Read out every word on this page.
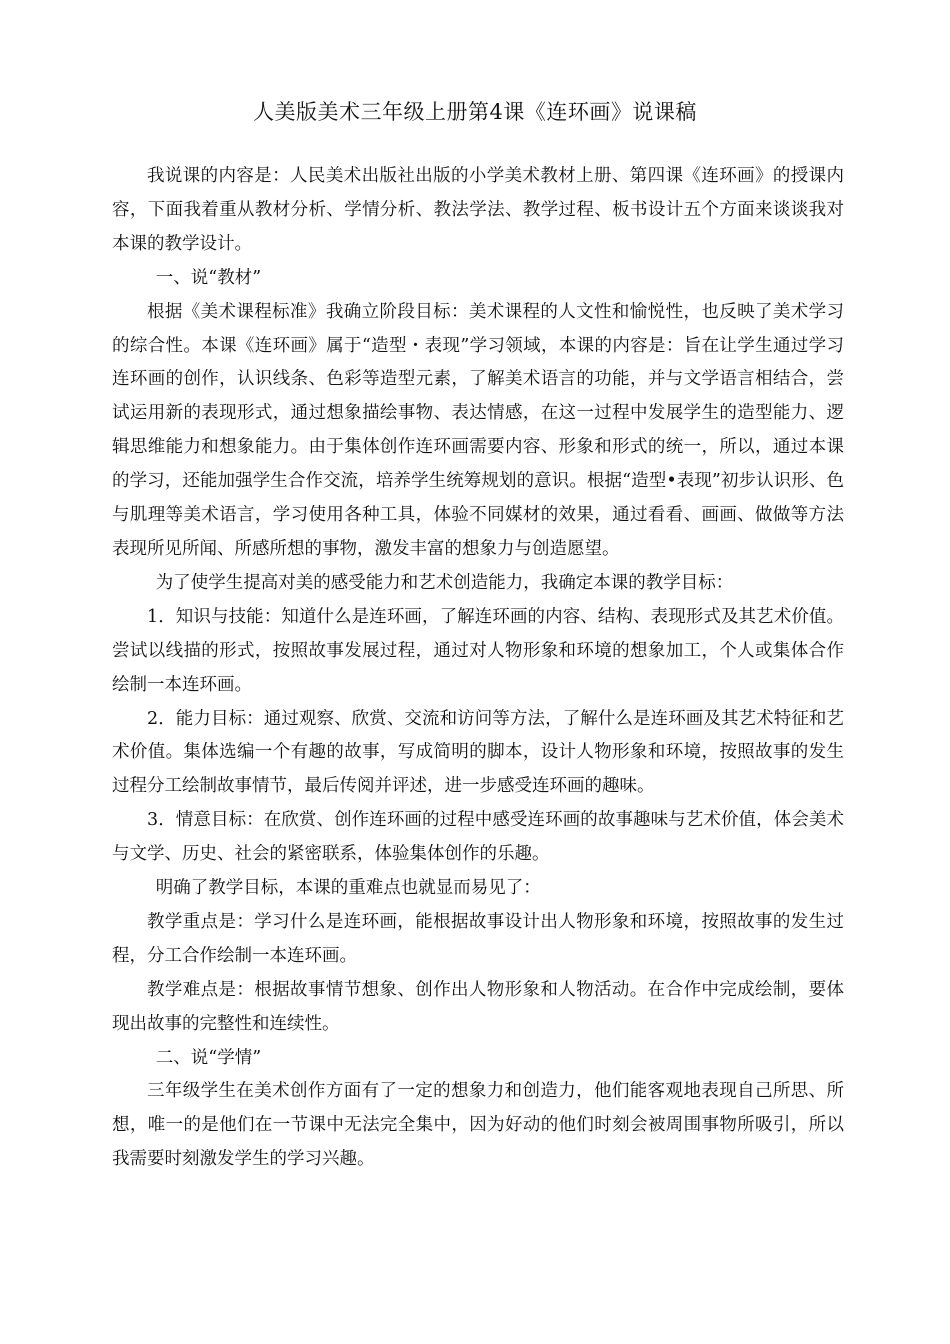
人美版美术三年级上册第4课《连环画》说课稿

我说课的内容是：人民美术出版社出版的小学美术教材上册、第四课《连环画》的授课内容，下面我着重从教材分析、学情分析、教法学法、教学过程、板书设计五个方面来谈谈我对本课的教学设计。

一、说“教材”

根据《美术课程标准》我确立阶段目标：美术课程的人文性和愉悦性，也反映了美术学习的综合性。本课《连环画》属于“造型・表现”学习领域，本课的内容是：旨在让学生通过学习连环画的创作，认识线条、色彩等造型元素，了解美术语言的功能，并与文学语言相结合，尝试运用新的表现形式，通过想象描绘事物、表达情感，在这一过程中发展学生的造型能力、逻辑思维能力和想象能力。由于集体创作连环画需要内容、形象和形式的统一，所以，通过本课的学习，还能加强学生合作交流，培养学生统筹规划的意识。根据“造型•表现”初步认识形、色与肌理等美术语言，学习使用各种工具，体验不同媒材的效果，通过看看、画画、做做等方法表现所见所闻、所感所想的事物，激发丰富的想象力与创造愿望。

为了使学生提高对美的感受能力和艺术创造能力，我确定本课的教学目标：

1．知识与技能：知道什么是连环画，了解连环画的内容、结构、表现形式及其艺术价值。尝试以线描的形式，按照故事发展过程，通过对人物形象和环境的想象加工，个人或集体合作绘制一本连环画。

2．能力目标：通过观察、欣赏、交流和访问等方法，了解什么是连环画及其艺术特征和艺术价值。集体选编一个有趣的故事，写成简明的脚本，设计人物形象和环境，按照故事的发生过程分工绘制故事情节，最后传阅并评述，进一步感受连环画的趣味。

3．情意目标：在欣赏、创作连环画的过程中感受连环画的故事趣味与艺术价值，体会美术与文学、历史、社会的紧密联系，体验集体创作的乐趣。

明确了教学目标，本课的重难点也就显而易见了：

教学重点是：学习什么是连环画，能根据故事设计出人物形象和环境，按照故事的发生过程，分工合作绘制一本连环画。

教学难点是：根据故事情节想象、创作出人物形象和人物活动。在合作中完成绘制，要体现出故事的完整性和连续性。

二、说“学情”

三年级学生在美术创作方面有了一定的想象力和创造力，他们能客观地表现自己所思、所想，唯一的是他们在一节课中无法完全集中，因为好动的他们时刻会被周围事物所吸引，所以我需要时刻激发学生的学习兴趣。
